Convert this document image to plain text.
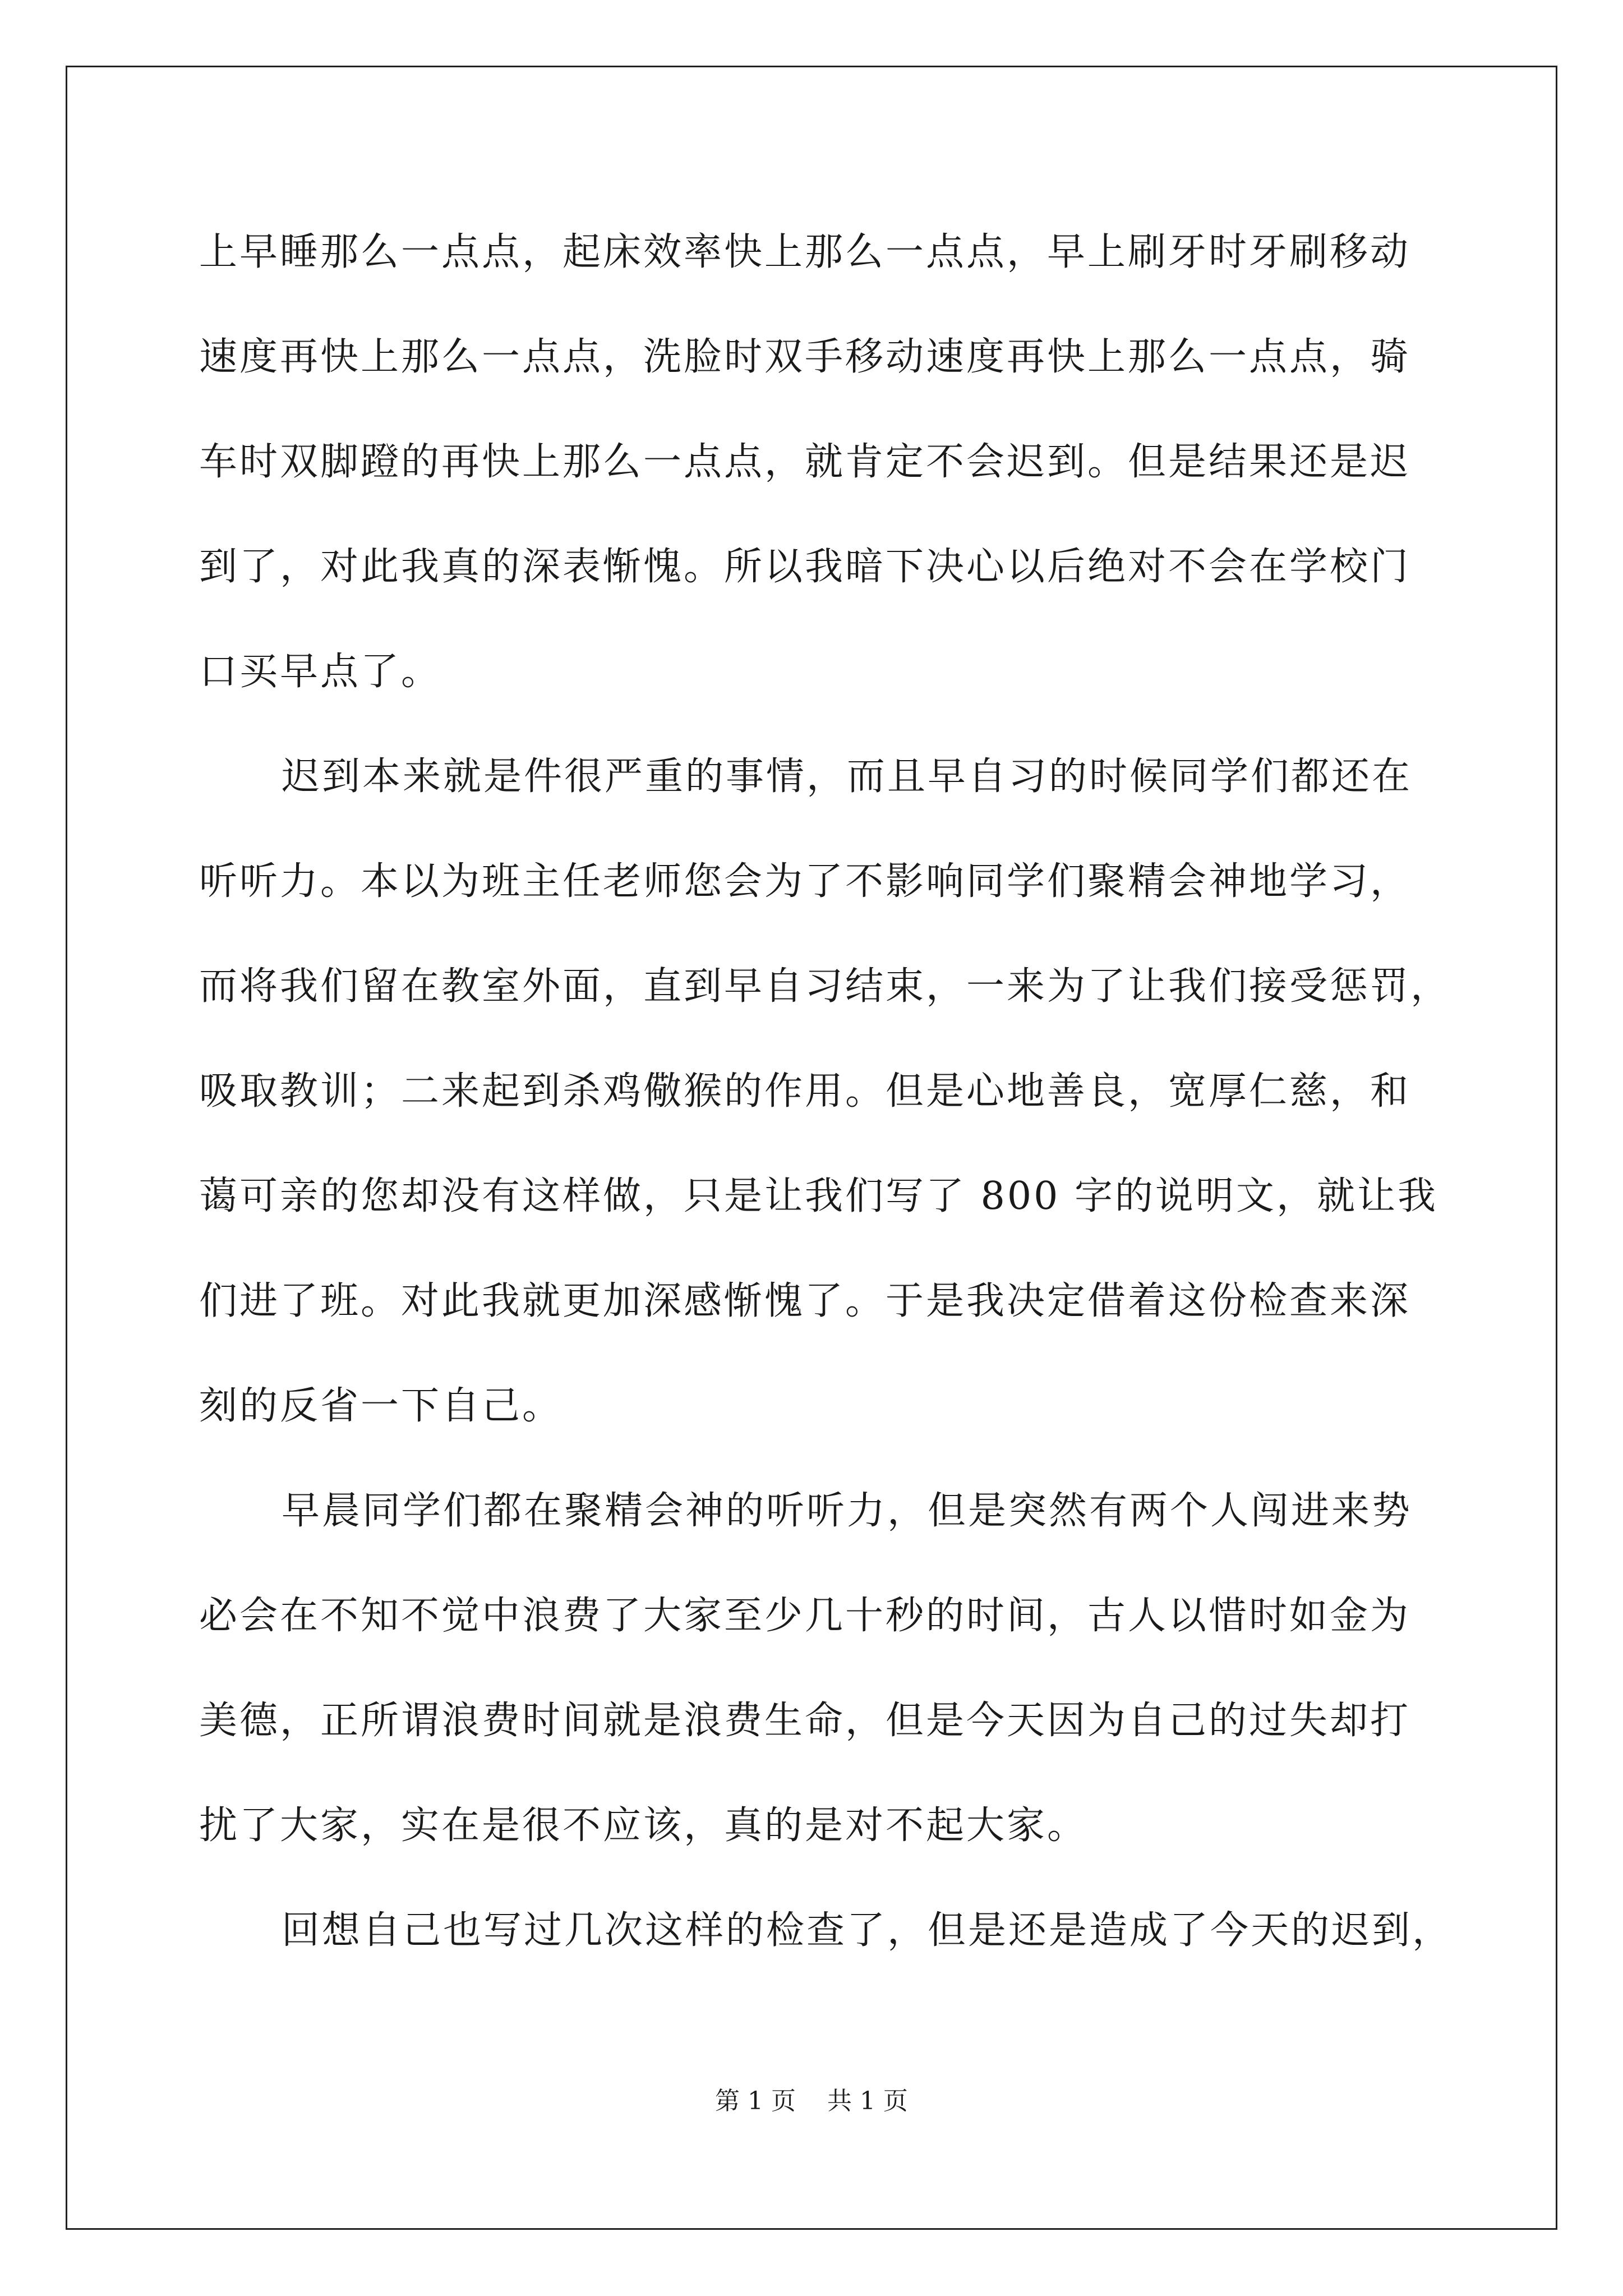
上早睡那么一点点，起床效率快上那么一点点，早上刷牙时牙刷移动
速度再快上那么一点点，洗脸时双手移动速度再快上那么一点点，骑
车时双脚蹬的再快上那么一点点，就肯定不会迟到。但是结果还是迟
到了，对此我真的深表惭愧。所以我暗下决心以后绝对不会在学校门
口买早点了。
迟到本来就是件很严重的事情，而且早自习的时候同学们都还在
听听力。本以为班主任老师您会为了不影响同学们聚精会神地学习，
而将我们留在教室外面，直到早自习结束，一来为了让我们接受惩罚，
吸取教训；二来起到杀鸡儆猴的作用。但是心地善良，宽厚仁慈，和
蔼可亲的您却没有这样做，只是让我们写了 800 字的说明文，就让我
们进了班。对此我就更加深感惭愧了。于是我决定借着这份检查来深
刻的反省一下自己。
早晨同学们都在聚精会神的听听力，但是突然有两个人闯进来势
必会在不知不觉中浪费了大家至少几十秒的时间，古人以惜时如金为
美德，正所谓浪费时间就是浪费生命，但是今天因为自己的过失却打
扰了大家，实在是很不应该，真的是对不起大家。
回想自己也写过几次这样的检查了，但是还是造成了今天的迟到，
第 1 页    共 1 页
